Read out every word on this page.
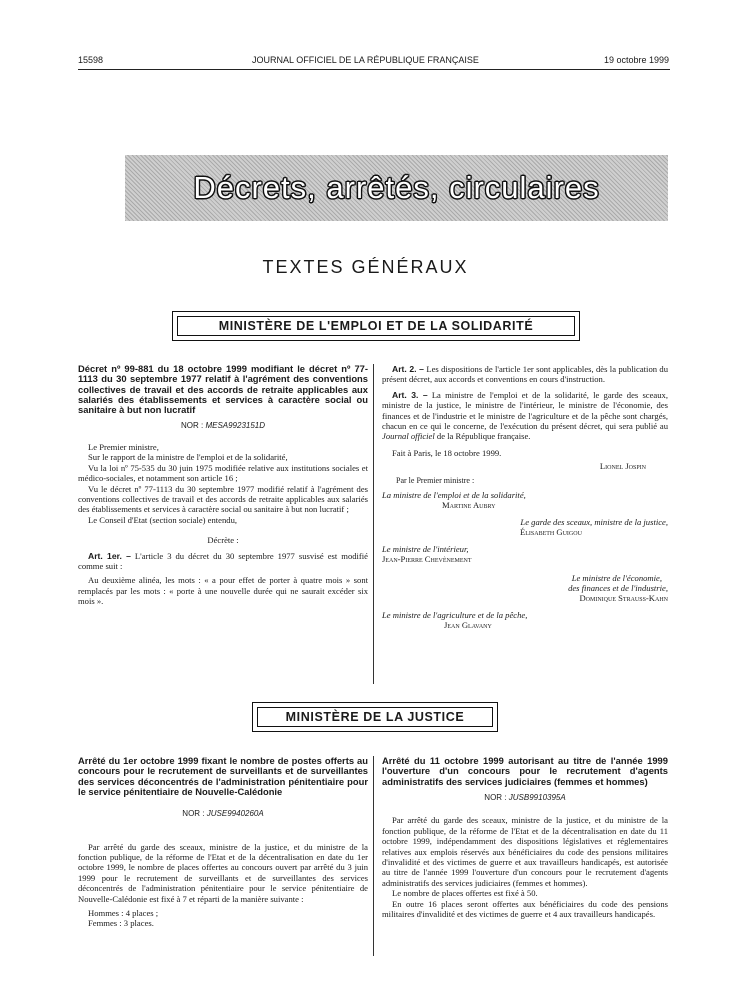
15598	JOURNAL OFFICIEL DE LA RÉPUBLIQUE FRANÇAISE	19 octobre 1999
Décrets, arrêtés, circulaires
TEXTES GÉNÉRAUX
MINISTÈRE DE L'EMPLOI ET DE LA SOLIDARITÉ
Décret nº 99-881 du 18 octobre 1999 modifiant le décret nº 77-1113 du 30 septembre 1977 relatif à l'agrément des conventions collectives de travail et des accords de retraite applicables aux salariés des établissements et services à caractère social ou sanitaire à but non lucratif
NOR : MESA9923151D

Le Premier ministre,

Sur le rapport de la ministre de l'emploi et de la solidarité,

Vu la loi nº 75-535 du 30 juin 1975 modifiée relative aux institutions sociales et médico-sociales, et notamment son article 16 ;

Vu le décret nº 77-1113 du 30 septembre 1977 modifié relatif à l'agrément des conventions collectives de travail et des accords de retraite applicables aux salariés des établissements et services à caractère social ou sanitaire à but non lucratif ;

Le Conseil d'Etat (section sociale) entendu,

Décrète :

Art. 1er. – L'article 3 du décret du 30 septembre 1977 susvisé est modifié comme suit :

Au deuxième alinéa, les mots : « a pour effet de porter à quatre mois » sont remplacés par les mots : « porte à une nouvelle durée qui ne saurait excéder six mois ».

Art. 2. – Les dispositions de l'article 1er sont applicables, dès la publication du présent décret, aux accords et conventions en cours d'instruction.

Art. 3. – La ministre de l'emploi et de la solidarité, le garde des sceaux, ministre de la justice, le ministre de l'intérieur, le ministre de l'économie, des finances et de l'industrie et le ministre de l'agriculture et de la pêche sont chargés, chacun en ce qui le concerne, de l'exécution du présent décret, qui sera publié au Journal officiel de la République française.

Fait à Paris, le 18 octobre 1999.

Lionel Jospin
Par le Premier ministre :
La ministre de l'emploi et de la solidarité,
Martine Aubry
Le garde des sceaux, ministre de la justice,
Élisabeth Guigou
Le ministre de l'intérieur,
Jean-Pierre Chevènement
Le ministre de l'économie,
des finances et de l'industrie,
Dominique Strauss-Kahn
Le ministre de l'agriculture et de la pêche,
Jean Glavany
MINISTÈRE DE LA JUSTICE
Arrêté du 1er octobre 1999 fixant le nombre de postes offerts au concours pour le recrutement de surveillants et de surveillantes des services déconcentrés de l'administration pénitentiaire pour le service pénitentiaire de Nouvelle-Calédonie
NOR : JUSE9940260A

Par arrêté du garde des sceaux, ministre de la justice, et du ministre de la fonction publique, de la réforme de l'Etat et de la décentralisation en date du 1er octobre 1999, le nombre de places offertes au concours ouvert par arrêté du 3 juin 1999 pour le recrutement de surveillants et de surveillantes des services déconcentrés de l'administration pénitentiaire pour le service pénitentiaire de Nouvelle-Calédonie est fixé à 7 et réparti de la manière suivante :

Hommes : 4 places ;

Femmes : 3 places.

Arrêté du 11 octobre 1999 autorisant au titre de l'année 1999 l'ouverture d'un concours pour le recrutement d'agents administratifs des services judiciaires (femmes et hommes)
NOR : JUSB9910395A

Par arrêté du garde des sceaux, ministre de la justice, et du ministre de la fonction publique, de la réforme de l'Etat et de la décentralisation en date du 11 octobre 1999, indépendamment des dispositions législatives et réglementaires relatives aux emplois réservés aux bénéficiaires du code des pensions militaires d'invalidité et des victimes de guerre et aux travailleurs handicapés, est autorisée au titre de l'année 1999 l'ouverture d'un concours pour le recrutement d'agents administratifs des services judiciaires (femmes et hommes).

Le nombre de places offertes est fixé à 50.

En outre 16 places seront offertes aux bénéficiaires du code des pensions militaires d'invalidité et des victimes de guerre et 4 aux travailleurs handicapés.
